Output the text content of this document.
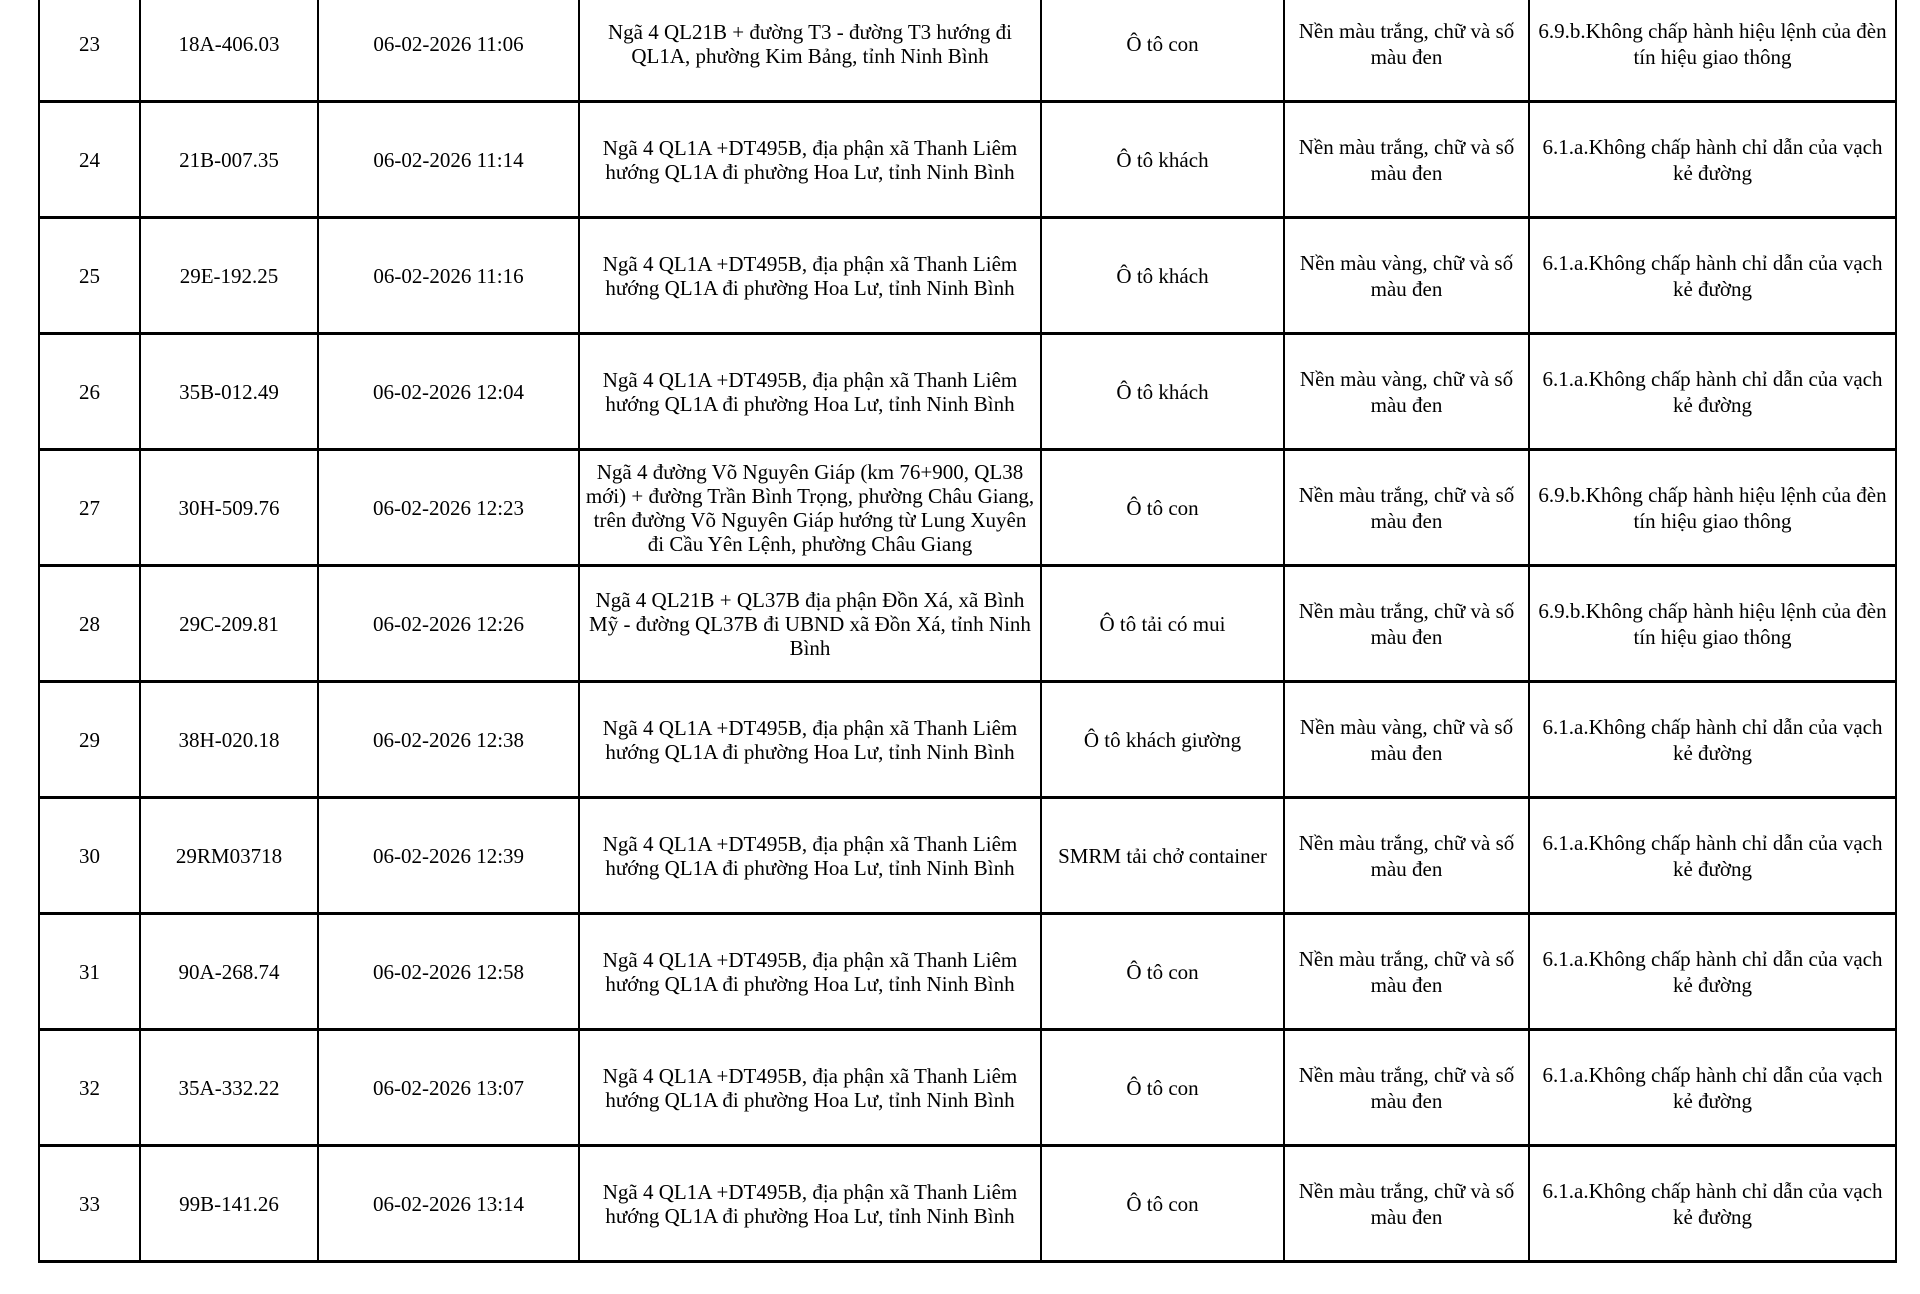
23	18A-406.03	06-02-2026 11:06	Ngã 4 QL21B + đường T3 - đường T3 hướng đi QL1A, phường Kim Bảng, tỉnh Ninh Bình	Ô tô con	Nền màu trắng, chữ và số màu đen	6.9.b.Không chấp hành hiệu lệnh của đèn tín hiệu giao thông

24	21B-007.35	06-02-2026 11:14	Ngã 4 QL1A +DT495B, địa phận xã Thanh Liêm hướng QL1A đi phường Hoa Lư, tỉnh Ninh Bình	Ô tô khách	Nền màu trắng, chữ và số màu đen	6.1.a.Không chấp hành chỉ dẫn của vạch kẻ đường

25	29E-192.25	06-02-2026 11:16	Ngã 4 QL1A +DT495B, địa phận xã Thanh Liêm hướng QL1A đi phường Hoa Lư, tỉnh Ninh Bình	Ô tô khách	Nền màu vàng, chữ và số màu đen	6.1.a.Không chấp hành chỉ dẫn của vạch kẻ đường

26	35B-012.49	06-02-2026 12:04	Ngã 4 QL1A +DT495B, địa phận xã Thanh Liêm hướng QL1A đi phường Hoa Lư, tỉnh Ninh Bình	Ô tô khách	Nền màu vàng, chữ và số màu đen	6.1.a.Không chấp hành chỉ dẫn của vạch kẻ đường

27	30H-509.76	06-02-2026 12:23	Ngã 4 đường Võ Nguyên Giáp (km 76+900, QL38 mới) + đường Trần Bình Trọng, phường Châu Giang, trên đường Võ Nguyên Giáp hướng từ Lung Xuyên đi Cầu Yên Lệnh, phường Châu Giang	Ô tô con	Nền màu trắng, chữ và số màu đen	6.9.b.Không chấp hành hiệu lệnh của đèn tín hiệu giao thông

28	29C-209.81	06-02-2026 12:26	Ngã 4 QL21B + QL37B địa phận Đồn Xá, xã Bình Mỹ - đường QL37B đi UBND xã Đồn Xá, tỉnh Ninh Bình	Ô tô tải có mui	Nền màu trắng, chữ và số màu đen	6.9.b.Không chấp hành hiệu lệnh của đèn tín hiệu giao thông

29	38H-020.18	06-02-2026 12:38	Ngã 4 QL1A +DT495B, địa phận xã Thanh Liêm hướng QL1A đi phường Hoa Lư, tỉnh Ninh Bình	Ô tô khách giường	Nền màu vàng, chữ và số màu đen	6.1.a.Không chấp hành chỉ dẫn của vạch kẻ đường

30	29RM03718	06-02-2026 12:39	Ngã 4 QL1A +DT495B, địa phận xã Thanh Liêm hướng QL1A đi phường Hoa Lư, tỉnh Ninh Bình	SMRM tải chở container	Nền màu trắng, chữ và số màu đen	6.1.a.Không chấp hành chỉ dẫn của vạch kẻ đường

31	90A-268.74	06-02-2026 12:58	Ngã 4 QL1A +DT495B, địa phận xã Thanh Liêm hướng QL1A đi phường Hoa Lư, tỉnh Ninh Bình	Ô tô con	Nền màu trắng, chữ và số màu đen	6.1.a.Không chấp hành chỉ dẫn của vạch kẻ đường

32	35A-332.22	06-02-2026 13:07	Ngã 4 QL1A +DT495B, địa phận xã Thanh Liêm hướng QL1A đi phường Hoa Lư, tỉnh Ninh Bình	Ô tô con	Nền màu trắng, chữ và số màu đen	6.1.a.Không chấp hành chỉ dẫn của vạch kẻ đường

33	99B-141.26	06-02-2026 13:14	Ngã 4 QL1A +DT495B, địa phận xã Thanh Liêm hướng QL1A đi phường Hoa Lư, tỉnh Ninh Bình	Ô tô con	Nền màu trắng, chữ và số màu đen	6.1.a.Không chấp hành chỉ dẫn của vạch kẻ đường
